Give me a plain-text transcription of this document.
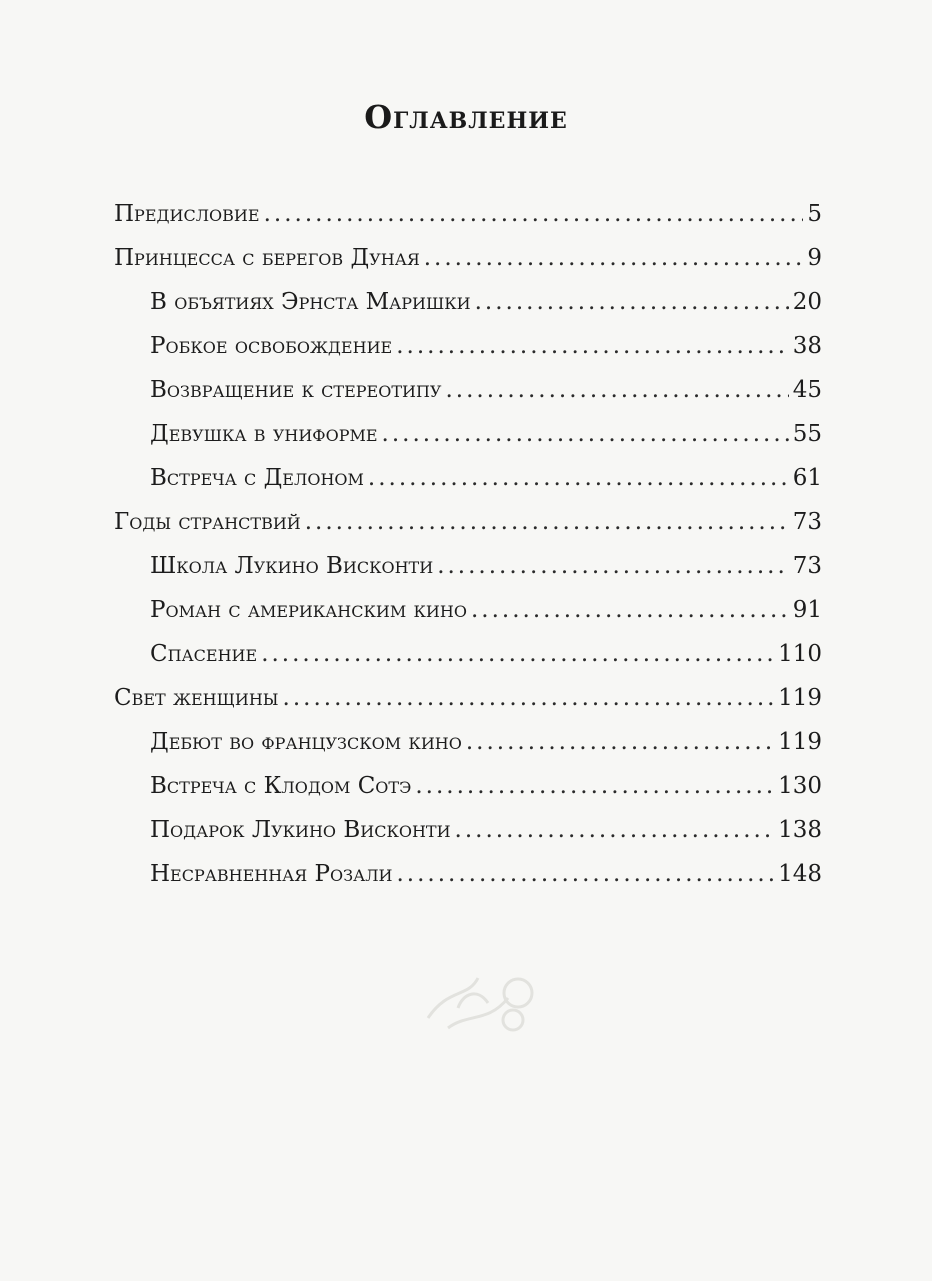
Оглавление
Предисловие .....	5
Принцесса с берегов Дуная .....	9
В объятиях Эрнста Маришки .....	20
Робкое освобождение .....	38
Возвращение к стереотипу .....	45
Девушка в униформе .....	55
Встреча с Делоном .....	61
Годы странствий .....	73
Школа Лукино Висконти .....	73
Роман с американским кино .....	91
Спасение .....	110
Свет женщины .....	119
Дебют во французском кино .....	119
Встреча с Клодом Сотэ .....	130
Подарок Лукино Висконти .....	138
Несравненная Розали .....	148
